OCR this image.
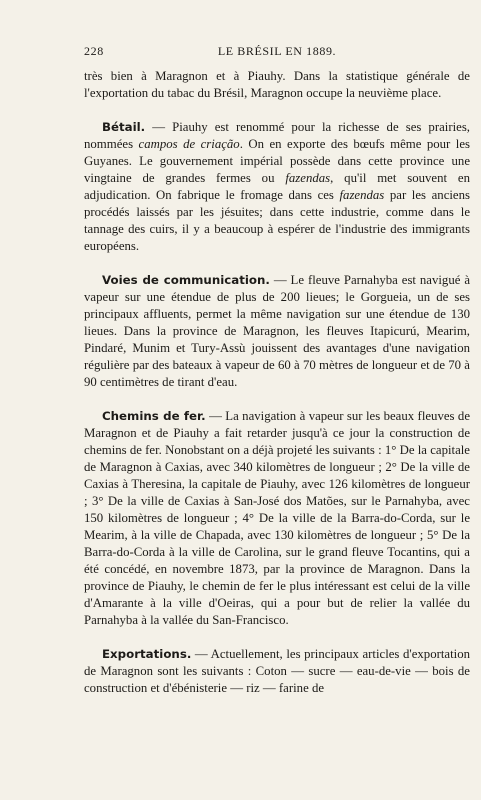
228	LE BRÉSIL EN 1889.

très bien à Maragnon et à Piauhy. Dans la statistique générale de l'exportation du tabac du Brésil, Maragnon occupe la neuvième place.

Bétail. — Piauhy est renommé pour la richesse de ses prairies, nommées campos de criação. On en exporte des bœufs même pour les Guyanes. Le gouvernement impérial possède dans cette province une vingtaine de grandes fermes ou fazendas, qu'il met souvent en adjudication. On fabrique le fromage dans ces fazendas par les anciens procédés laissés par les jésuites; dans cette industrie, comme dans le tannage des cuirs, il y a beaucoup à espérer de l'industrie des immigrants européens.

Voies de communication. — Le fleuve Parnahyba est navigué à vapeur sur une étendue de plus de 200 lieues; le Gorgueia, un de ses principaux affluents, permet la même navigation sur une étendue de 130 lieues. Dans la province de Maragnon, les fleuves Itapicurú, Mearim, Pindaré, Munim et Tury-Assù jouissent des avantages d'une navigation régulière par des bateaux à vapeur de 60 à 70 mètres de longueur et de 70 à 90 centimètres de tirant d'eau.

Chemins de fer. — La navigation à vapeur sur les beaux fleuves de Maragnon et de Piauhy a fait retarder jusqu'à ce jour la construction de chemins de fer. Nonobstant on a déjà projeté les suivants : 1° De la capitale de Maragnon à Caxias, avec 340 kilomètres de longueur ; 2° De la ville de Caxias à Theresina, la capitale de Piauhy, avec 126 kilomètres de longueur ; 3° De la ville de Caxias à San-José dos Matões, sur le Parnahyba, avec 150 kilomètres de longueur ; 4° De la ville de la Barra-do-Corda, sur le Mearim, à la ville de Chapada, avec 130 kilomètres de longueur ; 5° De la Barra-do-Corda à la ville de Carolina, sur le grand fleuve Tocantins, qui a été concédé, en novembre 1873, par la province de Maragnon. Dans la province de Piauhy, le chemin de fer le plus intéressant est celui de la ville d'Amarante à la ville d'Oeiras, qui a pour but de relier la vallée du Parnahyba à la vallée du San-Francisco.

Exportations. — Actuellement, les principaux articles d'exportation de Maragnon sont les suivants : Coton — sucre — eau-de-vie — bois de construction et d'ébénisterie — riz — farine de
